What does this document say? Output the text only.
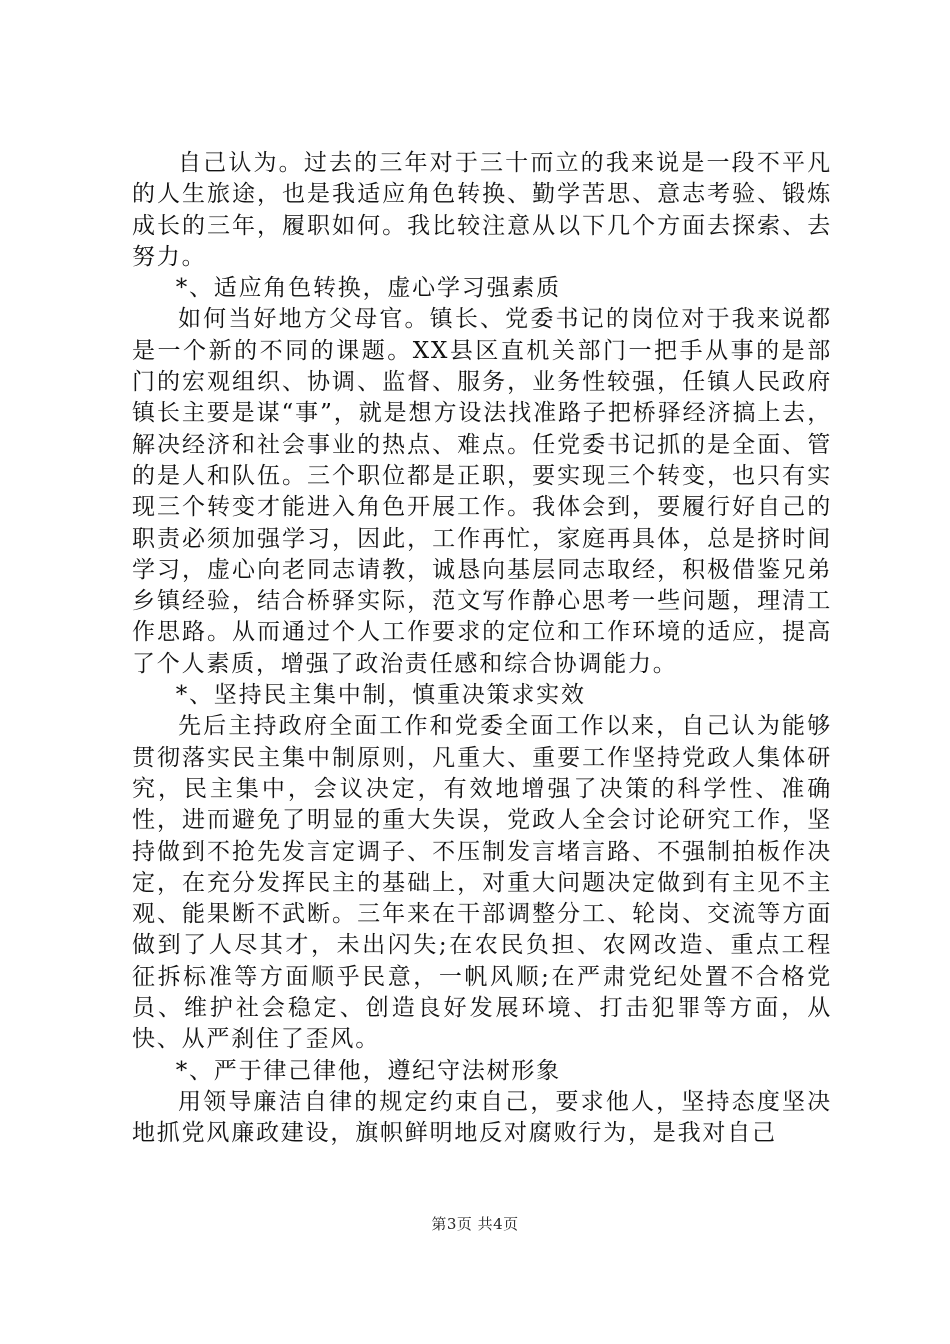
自己认为。过去的三年对于三十而立的我来说是一段不平凡的人生旅途，也是我适应角色转换、勤学苦思、意志考验、锻炼成长的三年，履职如何。我比较注意从以下几个方面去探索、去努力。

*、适应角色转换，虚心学习强素质

如何当好地方父母官。镇长、党委书记的岗位对于我来说都是一个新的不同的课题。XX县区直机关部门一把手从事的是部门的宏观组织、协调、监督、服务，业务性较强，任镇人民政府镇长主要是谋“事”，就是想方设法找准路子把桥驿经济搞上去，解决经济和社会事业的热点、难点。任党委书记抓的是全面、管的是人和队伍。三个职位都是正职，要实现三个转变，也只有实现三个转变才能进入角色开展工作。我体会到，要履行好自己的职责必须加强学习，因此，工作再忙，家庭再具体，总是挤时间学习，虚心向老同志请教，诚恳向基层同志取经，积极借鉴兄弟乡镇经验，结合桥驿实际，范文写作静心思考一些问题，理清工作思路。从而通过个人工作要求的定位和工作环境的适应，提高了个人素质，增强了政治责任感和综合协调能力。

*、坚持民主集中制，慎重决策求实效

先后主持政府全面工作和党委全面工作以来，自己认为能够贯彻落实民主集中制原则，凡重大、重要工作坚持党政人集体研究，民主集中，会议决定，有效地增强了决策的科学性、准确性，进而避免了明显的重大失误，党政人全会讨论研究工作，坚持做到不抢先发言定调子、不压制发言堵言路、不强制拍板作决定，在充分发挥民主的基础上，对重大问题决定做到有主见不主观、能果断不武断。三年来在干部调整分工、轮岗、交流等方面做到了人尽其才，未出闪失;在农民负担、农网改造、重点工程征拆标准等方面顺乎民意，一帆风顺;在严肃党纪处置不合格党员、维护社会稳定、创造良好发展环境、打击犯罪等方面，从快、从严刹住了歪风。

*、严于律己律他，遵纪守法树形象

用领导廉洁自律的规定约束自己，要求他人，坚持态度坚决地抓党风廉政建设，旗帜鲜明地反对腐败行为，是我对自己

第3页 共4页
